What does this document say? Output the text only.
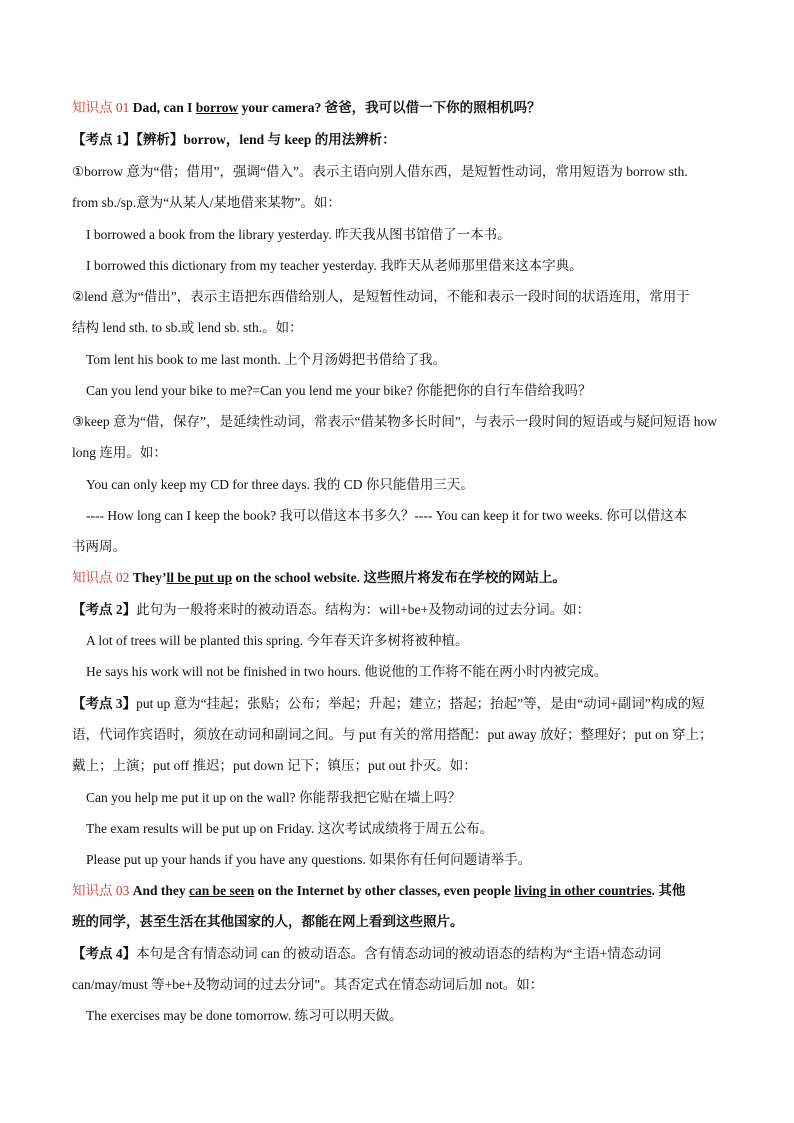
知识点 01 Dad, can I borrow your camera? 爸爸，我可以借一下你的照相机吗？
【考点 1】【辨析】borrow，lend 与 keep 的用法辨析：
①borrow 意为“借；借用”，强调“借入”。表示主语向别人借东西，是短暂性动词，常用短语为 borrow sth.
from sb./sp.意为“从某人/某地借来某物”。如：
I borrowed a book from the library yesterday. 昨天我从图书馆借了一本书。
I borrowed this dictionary from my teacher yesterday. 我昨天从老师那里借来这本字典。
②lend 意为“借出”，表示主语把东西借给别人，是短暂性动词，不能和表示一段时间的状语连用，常用于
结构 lend sth. to sb.或 lend sb. sth.。如：
Tom lent his book to me last month. 上个月汤姆把书借给了我。
Can you lend your bike to me?=Can you lend me your bike? 你能把你的自行车借给我吗？
③keep 意为“借，保存”，是延续性动词，常表示“借某物多长时间”，与表示一段时间的短语或与疑问短语 how
long 连用。如：
You can only keep my CD for three days. 我的 CD 你只能借用三天。
---- How long can I keep the book? 我可以借这本书多久？---- You can keep it for two weeks. 你可以借这本
书两周。
知识点 02 They’ll be put up on the school website. 这些照片将发布在学校的网站上。
【考点 2】此句为一般将来时的被动语态。结构为：will+be+及物动词的过去分词。如：
A lot of trees will be planted this spring. 今年春天许多树将被种植。
He says his work will not be finished in two hours. 他说他的工作将不能在两小时内被完成。
【考点 3】put up 意为“挂起；张贴；公布；举起；升起；建立；搭起；抬起”等，是由“动词+副词”构成的短
语，代词作宾语时，须放在动词和副词之间。与 put 有关的常用搭配：put away 放好；整理好；put on 穿上；
戴上；上演；put off 推迟；put down 记下；镇压；put out 扑灭。如：
Can you help me put it up on the wall? 你能帮我把它贴在墙上吗？
The exam results will be put up on Friday. 这次考试成绩将于周五公布。
Please put up your hands if you have any questions. 如果你有任何问题请举手。
知识点 03 And they can be seen on the Internet by other classes, even people living in other countries. 其他
班的同学，甚至生活在其他国家的人，都能在网上看到这些照片。
【考点 4】本句是含有情态动词 can 的被动语态。含有情态动词的被动语态的结构为“主语+情态动词
can/may/must 等+be+及物动词的过去分词”。其否定式在情态动词后加 not。如：
The exercises may be done tomorrow. 练习可以明天做。
